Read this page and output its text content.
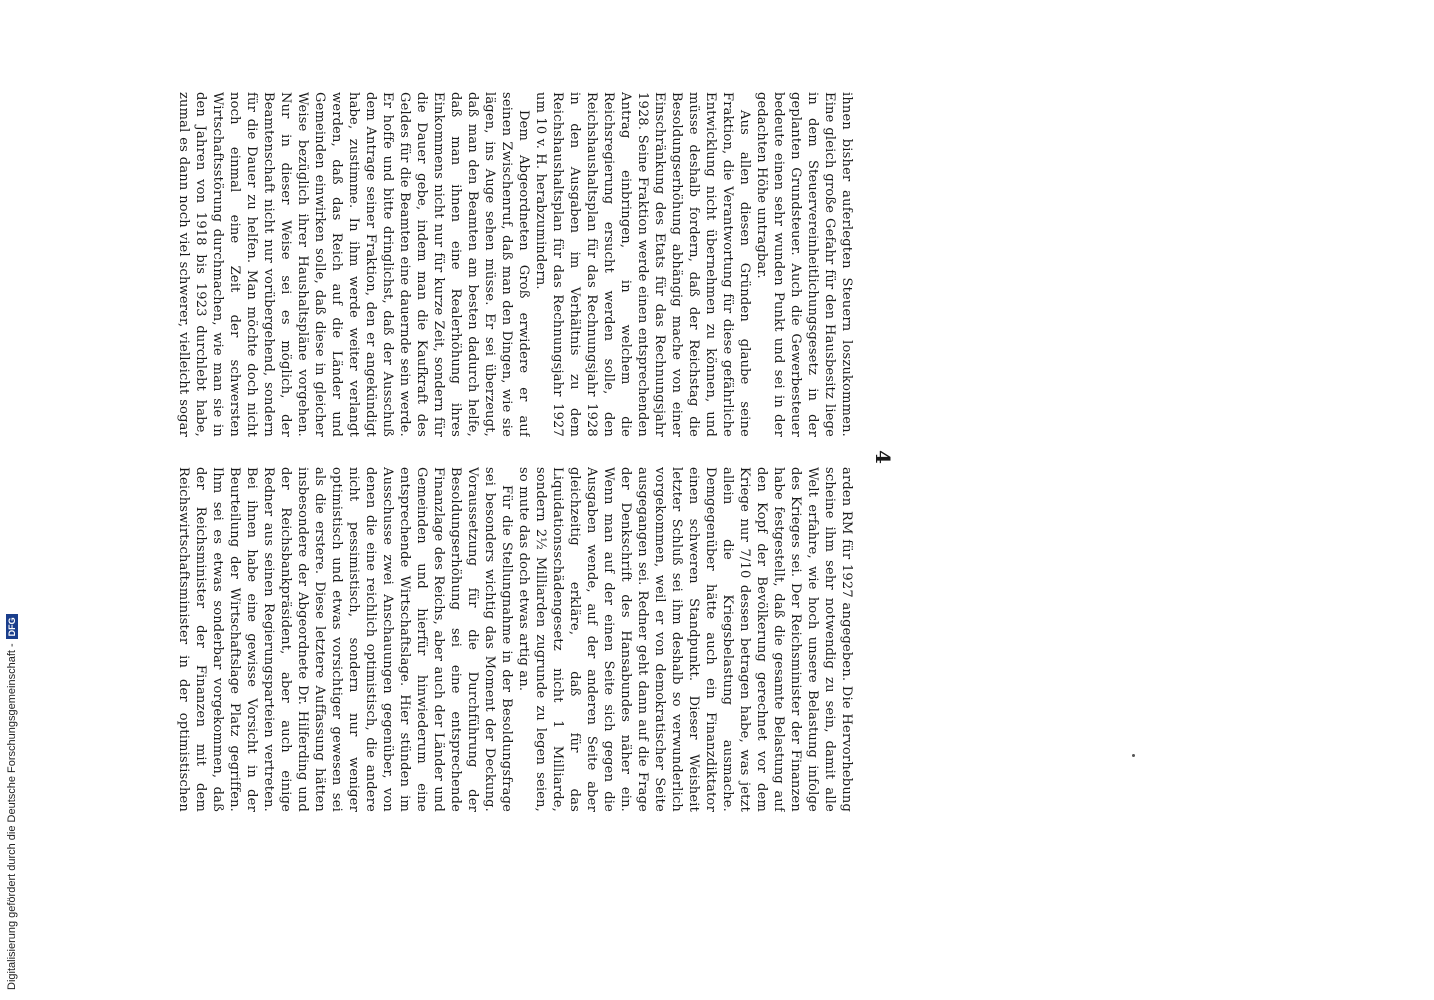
4

ihnen bisher auferlegten Steuern loszukommen. Eine gleich große Gefahr für den Hausbesitz liege in dem Steuervereinheitlichungsgesetz in der geplanten Grundsteuer. Auch die Gewerbesteuer bedeute einen sehr wunden Punkt und sei in der gedachten Höhe untragbar.

Aus allen diesen Gründen glaube seine Fraktion, die Verantwortung für diese gefährliche Entwicklung nicht übernehmen zu können, und müsse deshalb fordern, daß der Reichstag die Besoldungserhöhung abhängig mache von einer Einschränkung des Etats für das Rechnungsjahr 1928. Seine Fraktion werde einen entsprechenden Antrag einbringen, in welchem die Reichsregierung ersucht werden solle, den Reichshaushaltsplan für das Rechnungsjahr 1928 in den Ausgaben im Verhältnis zu dem Reichshaushaltsplan für das Rechnungsjahr 1927 um 10 v. H. herabzumindern.

Dem Abgeordneten Groß erwidere er auf seinen Zwischenruf, daß man den Dingen, wie sie lägen, ins Auge sehen müsse. Er sei überzeugt, daß man den Beamten am besten dadurch helfe, daß man ihnen eine Realerhöhung ihres Einkommens nicht nur für kurze Zeit, sondern für die Dauer gebe, indem man die Kaufkraft des Geldes für die Beamten eine dauernde sein werde. Er hoffe und bitte dringlichst, daß der Ausschuß dem Antrage seiner Fraktion, den er angekündigt habe, zustimme. In ihm werde weiter verlangt werden, daß das Reich auf die Länder und Gemeinden einwirken solle, daß diese in gleicher Weise bezüglich ihrer Haushaltspläne vorgehen. Nur in dieser Weise sei es möglich, der Beamtenschaft nicht nur vorübergehend, sondern für die Dauer zu helfen. Man möchte doch nicht noch einmal eine Zeit der schwersten Wirtschaftsstörung durchmachen, wie man sie in den Jahren von 1918 bis 1923 durchlebt habe, zumal es dann noch viel schwerer, vielleicht sogar

arden RM für 1927 angegeben. Die Hervorhebung scheine ihm sehr notwendig zu sein, damit alle Welt erfahre, wie hoch unsere Belastung infolge des Krieges sei. Der Reichsminister der Finanzen habe festgestellt, daß die gesamte Belastung auf den Kopf der Bevölkerung gerechnet vor dem Kriege nur 7/10 dessen betragen habe, was jetzt allein die Kriegsbelastung ausmache. Demgegenüber hätte auch ein Finanzdiktator einen schweren Standpunkt. Dieser Weisheit letzter Schluß sei ihm deshalb so verwunderlich vorgekommen, weil er von demokratischer Seite ausgegangen sei. Redner geht dann auf die Frage der Denkschrift des Hansabundes näher ein. Wenn man auf der einen Seite sich gegen die Ausgaben wende, auf der anderen Seite aber gleichzeitig erkläre, daß für das Liquidationsschädengesetz nicht 1 Milliarde, sondern 2½ Milliarden zugrunde zu legen seien, so mute das doch etwas artig an.

Für die Stellungnahme in der Besoldungsfrage sei besonders wichtig das Moment der Deckung. Voraussetzung für die Durchführung der Besoldungserhöhung sei eine entsprechende Finanzlage des Reichs, aber auch der Länder und Gemeinden und hierfür hinwiederum eine entsprechende Wirtschaftslage. Hier stünden im Ausschusse zwei Anschauungen gegenüber, von denen die eine reichlich optimistisch, die andere nicht pessimistisch, sondern nur weniger optimistisch und etwas vorsichtiger gewesen sei als die erstere. Diese letztere Auffassung hätten insbesondere der Abgeordnete Dr. Hilferding und der Reichsbankpräsident, aber auch einige Redner aus seinen Regierungsparteien vertreten. Bei ihnen habe eine gewisse Vorsicht in der Beurteilung der Wirtschaftslage Platz gegriffen. Ihm sei es etwas sonderbar vorgekommen, daß der Reichsminister der Finanzen mit dem Reichswirtschaftsminister in der optimistischen

Digitalisierung gefördert durch die Deutsche Forschungsgemeinschaft -
DFG
